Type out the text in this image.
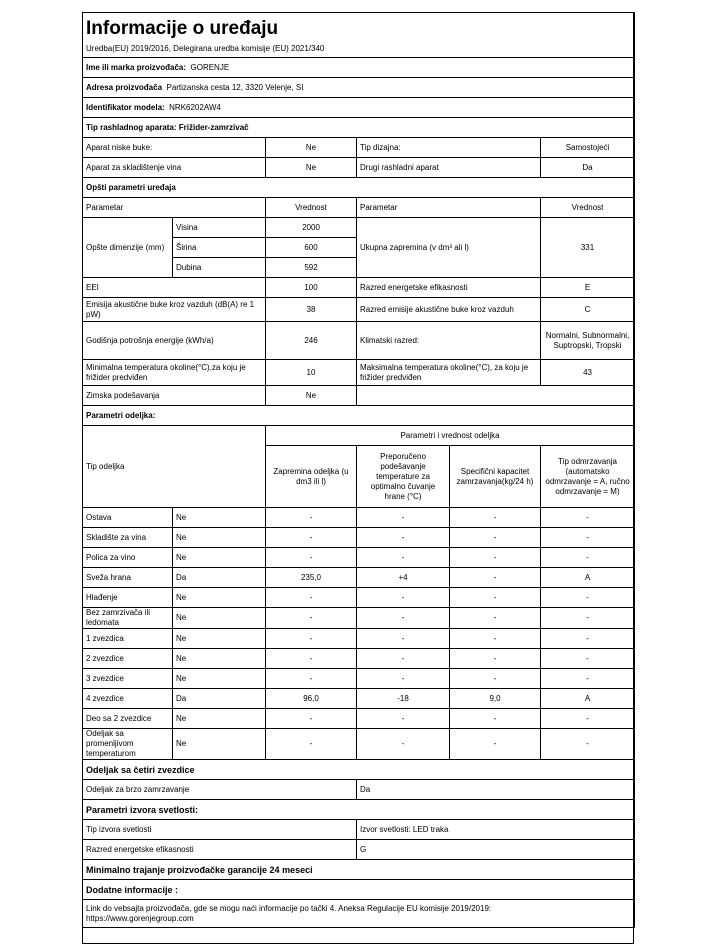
Informacije o uređaju					
Uredba(EU) 2019/2016, Delegirana uredba komisije (EU) 2021/340					
Ime ili marka proizvođača: GORENJE					
Adresa proizvođača Partizanska cesta 12, 3320 Velenje, SI					
Identifikator modela: NRK6202AW4					
Tip rashladnog aparata: Frižider-zamrzivač					
Aparat niske buke:		Ne	Tip dizajna:		Samostojeći
Aparat za skladištenje vina		Ne	Drugi rashladni aparat		Da
Opšti parametri uređaja					
Parametar		Vrednost	Parametar		Vrednost
Opšte dimenzije (mm)	Visina	2000	Ukupna zapremina (v dm³ ali l)		331
	Širina	600			
	Dubina	592			
EEI		100	Razred energetske efikasnosti		E
Emisija akustične buke kroz vazduh (dB(A) re 1 pW)		38	Razred emisije akustične buke kroz vazduh		C
Godišnja potrošnja energije (kWh/a)		246	Klimatski razred:		Normalni, Subnormalni, Suptropski, Tropski
Minimalna temperatura okoline(°C),za koju je frižider predviđen		10	Maksimalna temperatura okoline(°C), za koju je frižider predviđen		43
Zimska podešavanja		Ne			
Parametri odeljka:					
Tip odeljka		Parametri i vrednost odeljka			
		Zapremina odeljka (u dm3 ili l)	Preporučeno podešavanje temperature za optimalno čuvanje hrane (°C)	Specifični kapacitet zamrzavanja(kg/24 h)	Tip odmrzavanja (automatsko odmrzavanje = A, ručno odmrzavanje = M)
Ostava	Ne	-	-	-	-
Skladište za vina	Ne	-	-	-	-
Polica za vino	Ne	-	-	-	-
Sveža hrana	Da	235,0	+4	-	A
Hlađenje	Ne	-	-	-	-
Bez zamrzivača ili ledomata	Ne	-	-	-	-
1 zvezdica	Ne	-	-	-	-
2 zvezdice	Ne	-	-	-	-
3 zvezdice	Ne	-	-	-	-
4 zvezdice	Da	96,0	-18	9,0	A
Deo sa 2 zvezdice	Ne	-	-	-	-
Odeljak sa promenljivom temperaturom	Ne	-	-	-	-
Odeljak sa četiri zvezdice					
Odeljak za brzo zamrzavanje			Da		
Parametri izvora svetlosti:					
Tip izvora svetlosti			Izvor svetlosti: LED traka		
Razred energetske efikasnosti			G		
Minimalno trajanje proizvođačke garancije 24 meseci					
Dodatne informacije :					

Link do vebsajta proizvođača, gde se mogu naći informacije po tački 4. Aneksa Regulacije EU komisije 2019/2019:
https://www.gorenjegroup.com					
